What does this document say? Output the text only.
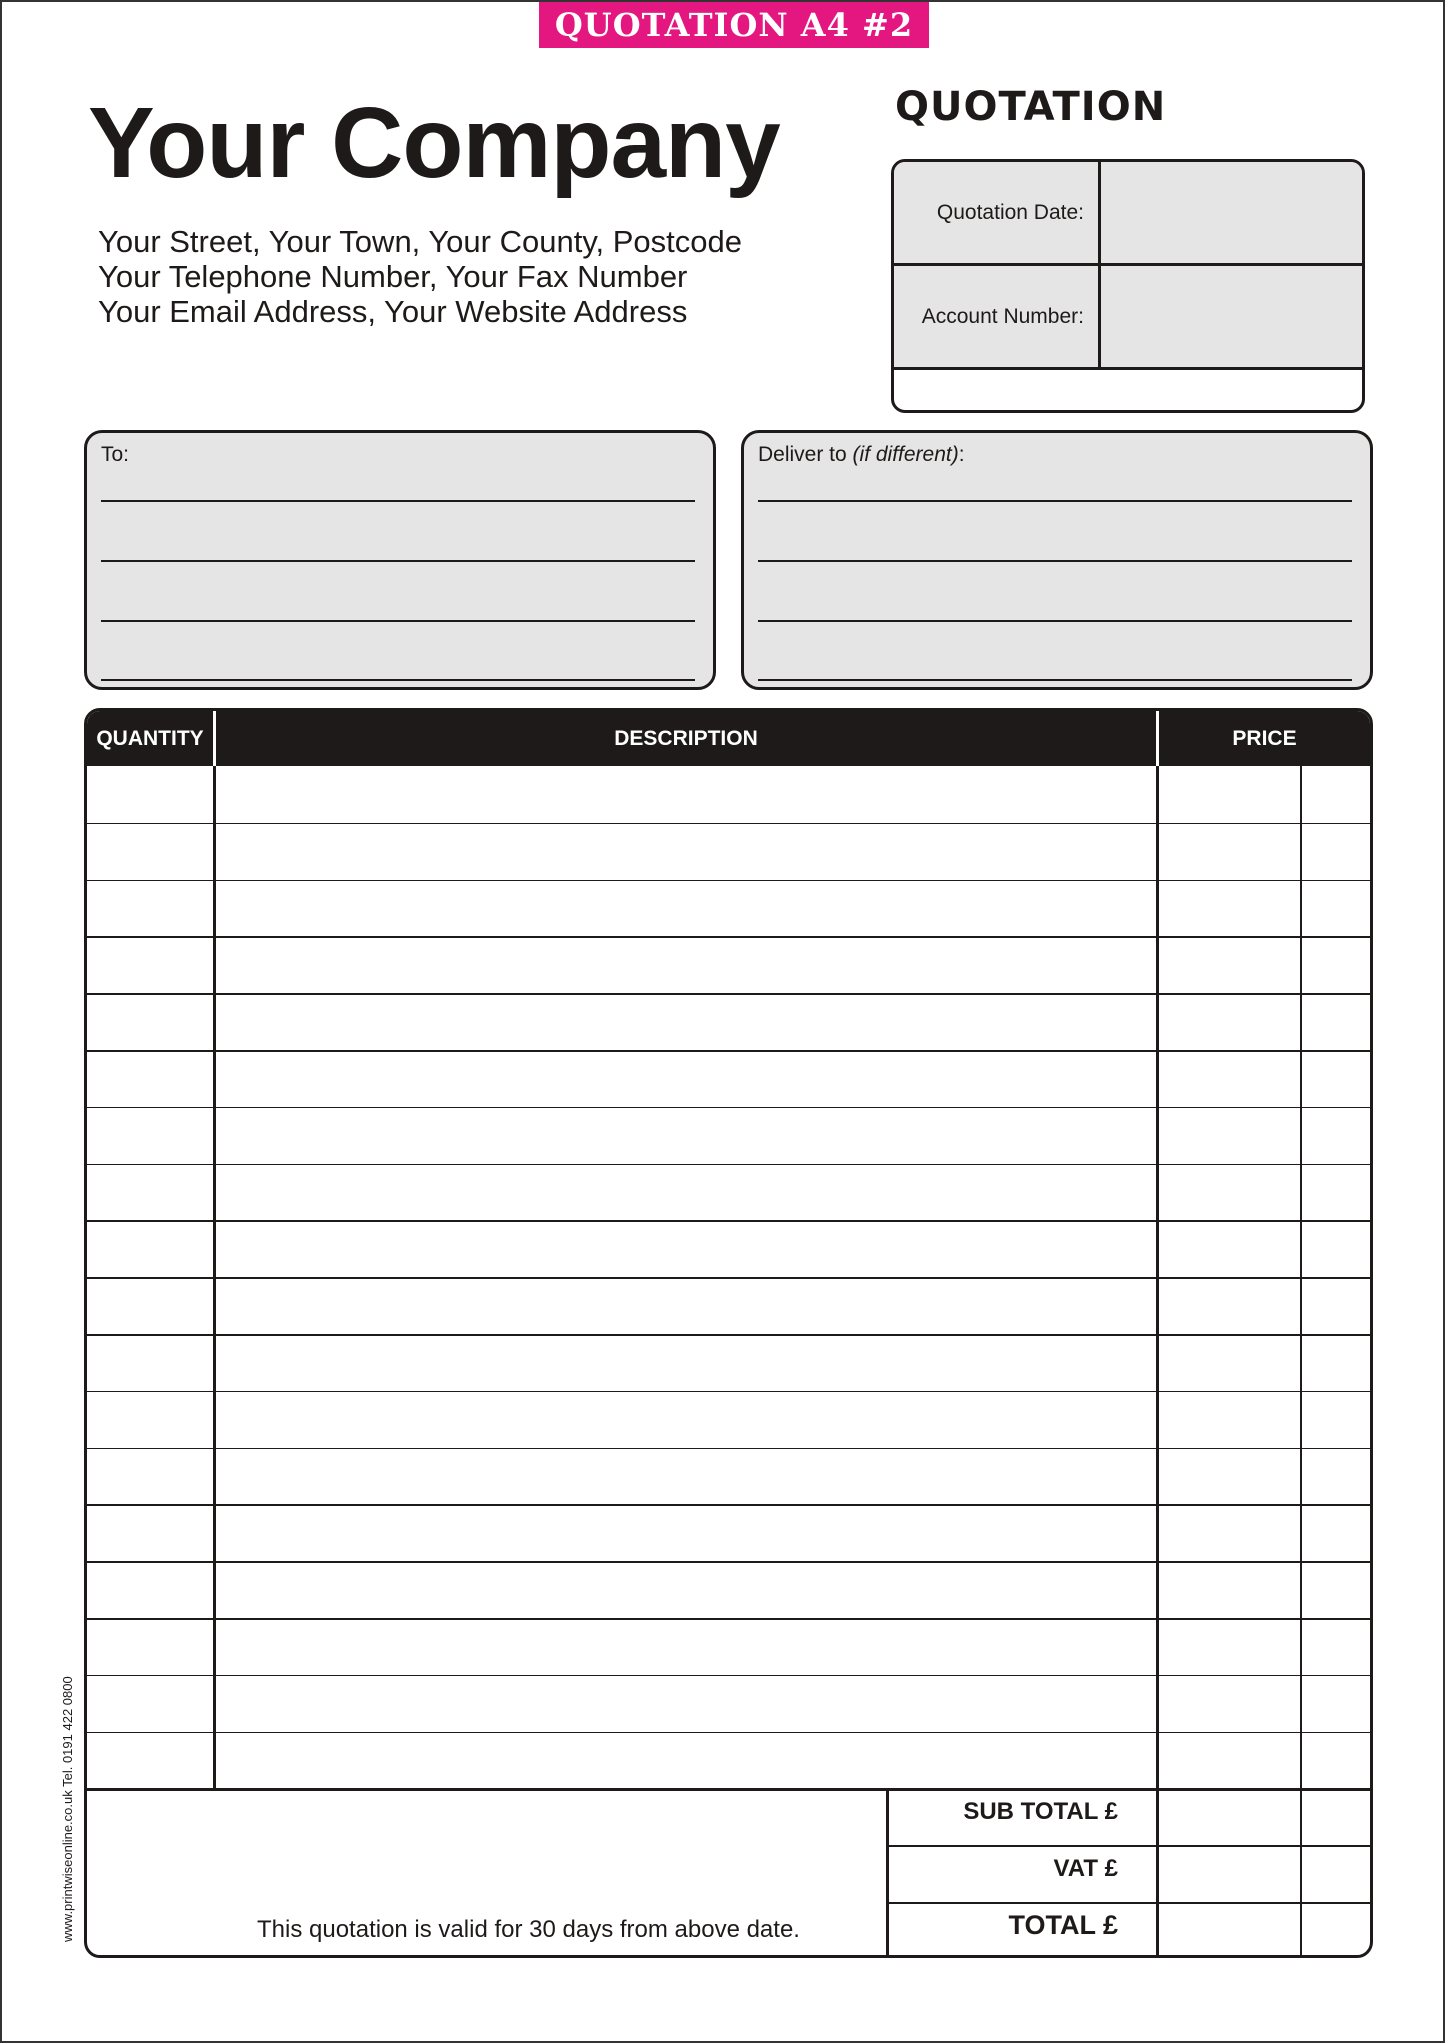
QUOTATION A4 #2
Your Company
Your Street, Your Town, Your County, Postcode
Your Telephone Number, Your Fax Number
Your Email Address, Your Website Address
QUOTATION
Quotation Date:
Account Number:
To:	Deliver to (if different):
QUANTITY	DESCRIPTION	PRICE
SUB TOTAL £
VAT £
TOTAL £
This quotation is valid for 30 days from above date.
www.printwiseonline.co.uk Tel. 0191 422 0800
